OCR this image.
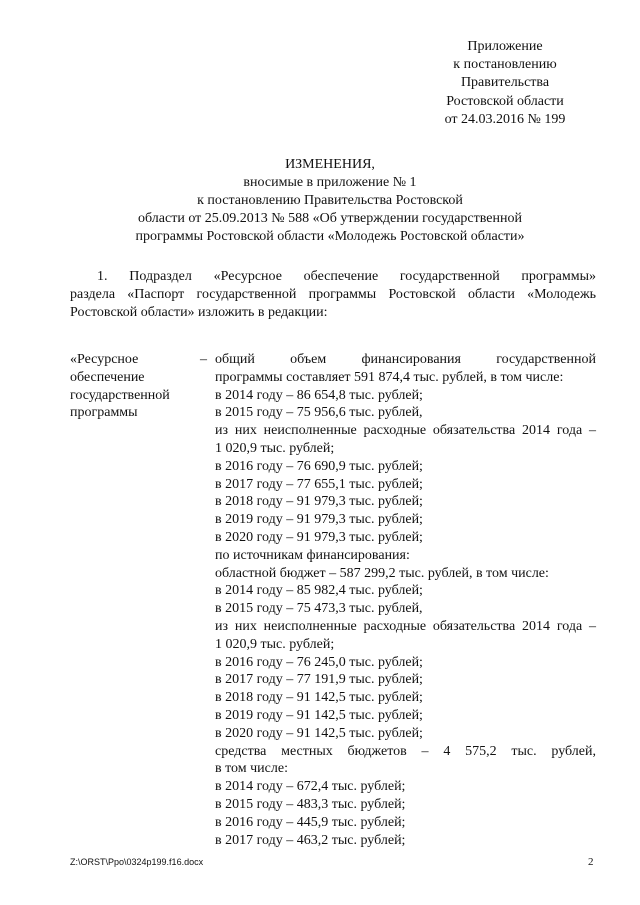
Приложение
к постановлению
Правительства
Ростовской области
от 24.03.2016 № 199
ИЗМЕНЕНИЯ,
вносимые в приложение № 1
к постановлению Правительства Ростовской
области от 25.09.2013 № 588 «Об утверждении государственной
программы Ростовской области «Молодежь Ростовской области»
1. Подраздел «Ресурсное обеспечение государственной программы»
раздела «Паспорт государственной программы Ростовской области «Молодежь
Ростовской области» изложить в редакции:
«Ресурсное
обеспечение
государственной
программы
– общий объем финансирования государственной
программы составляет 591 874,4 тыс. рублей, в том числе:
в 2014 году – 86 654,8 тыс. рублей;
в 2015 году – 75 956,6 тыс. рублей,
из них неисполненные расходные обязательства 2014 года –
1 020,9 тыс. рублей;
в 2016 году – 76 690,9 тыс. рублей;
в 2017 году – 77 655,1 тыс. рублей;
в 2018 году – 91 979,3 тыс. рублей;
в 2019 году – 91 979,3 тыс. рублей;
в 2020 году – 91 979,3 тыс. рублей;
по источникам финансирования:
областной бюджет – 587 299,2 тыс. рублей, в том числе:
в 2014 году – 85 982,4 тыс. рублей;
в 2015 году – 75 473,3 тыс. рублей,
из них неисполненные расходные обязательства 2014 года –
1 020,9 тыс. рублей;
в 2016 году – 76 245,0 тыс. рублей;
в 2017 году – 77 191,9 тыс. рублей;
в 2018 году – 91 142,5 тыс. рублей;
в 2019 году – 91 142,5 тыс. рублей;
в 2020 году – 91 142,5 тыс. рублей;
средства местных бюджетов – 4 575,2 тыс. рублей,
в том числе:
в 2014 году – 672,4 тыс. рублей;
в 2015 году – 483,3 тыс. рублей;
в 2016 году – 445,9 тыс. рублей;
в 2017 году – 463,2 тыс. рублей;
Z:\ORST\Ppo\0324p199.f16.docx	2
